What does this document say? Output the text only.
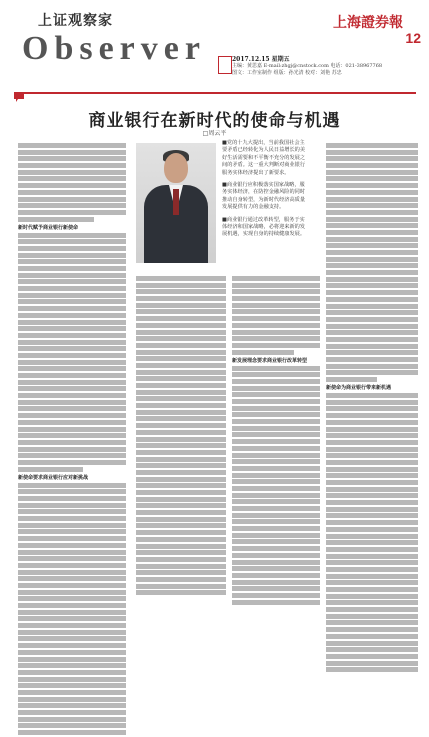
上证观察家
Observer
上海證券報
12
2017.12.15 星期五
主编：黄思嘉 E-mail:zhgj@cnstock.com 电话：021-38967768
图文：工作室制作 组版：孙光清 校对：刘艳 苏忠
商业银行在新时代的使命与机遇
□周云平
新时代赋予商业银行新使命
新使命要求商业银行应对新挑战

■党的十九大提出，当前我国社会主要矛盾已经转化为人民日益增长的美好生活需要和不平衡不充分的发展之间的矛盾。这一重大判断对商业银行服务实体经济提出了新要求。

■商业银行应积极落实国家战略，服务实体经济，在防控金融风险的同时推动自身转型，为新时代经济高质量发展提供有力的金融支持。

■商业银行通过改革转型，服务于实体经济和国家战略，必将迎来新的发展机遇，实现自身的持续健康发展。

新发展理念要求商业银行改革转型
新使命为商业银行带来新机遇
